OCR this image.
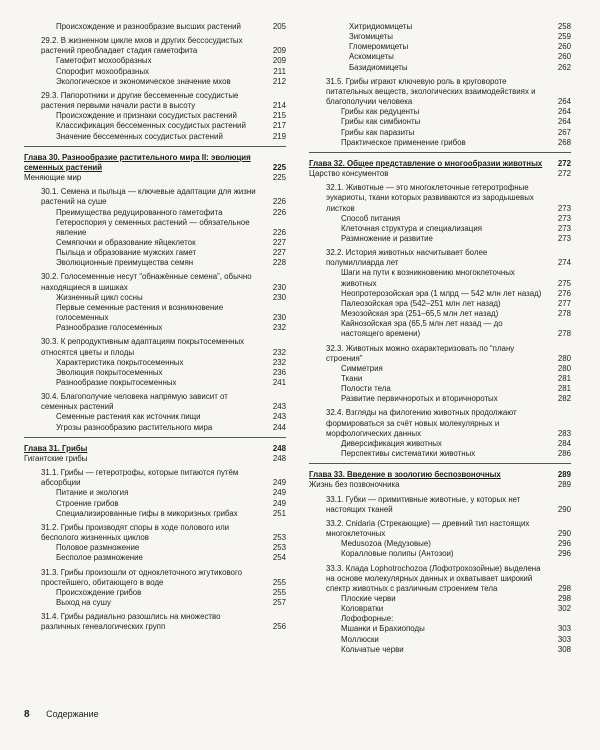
Происхождение и разнообразие высших растений	205
29.2. В жизненном цикле мхов и других бессосудистых растений преобладает стадия гаметофита	209
Гаметофит мохообразных	209
Спорофит мохообразных	211
Экологическое и экономическое значение мхов	212
29.3. Папоротники и другие бессеменные сосудистые растения первыми начали расти в высоту	214
Происхождение и признаки сосудистых растений	215
Классификация бессеменных сосудистых растений	217
Значение бессеменных сосудистых растений	219
Глава 30. Разнообразие растительного мира II: эволюция семенных растений	225
Меняющие мир	225
30.1. Семена и пыльца — ключевые адаптации для жизни растений на суше	226
Преимущества редуцированного гаметофита	226
Гетероспория у семенных растений — обязательное явление	226
Семяпочки и образование яйцеклеток	227
Пыльца и образование мужских гамет	227
Эволюционные преимущества семян	228
30.2. Голосеменные несут “обнажённые семена”, обычно находящиеся в шишках	230
Жизненный цикл сосны	230
Первые семенные растения и возникновение голосеменных	230
Разнообразие голосеменных	232
30.3. К репродуктивным адаптациям покрытосеменных относятся цветы и плоды	232
Характеристика покрытосеменных	232
Эволюция покрытосеменных	236
Разнообразие покрытосеменных	241
30.4. Благополучие человека напрямую зависит от семенных растений	243
Семенные растения как источник пищи	243
Угрозы разнообразию растительного мира	244
Глава 31. Грибы	248
Гигантские грибы	248
31.1. Грибы — гетеротрофы, которые питаются путём абсорбции	249
Питание и экология	249
Строение грибов	249
Специализированные гифы в микоризных грибах	251
31.2. Грибы производят споры в ходе полового или бесполого жизненных циклов	253
Половое размножение	253
Бесполое размножение	254
31.3. Грибы произошли от одноклеточного жгутикового простейшего, обитающего в воде	255
Происхождение грибов	255
Выход на сушу	257
31.4. Грибы радиально разошлись на множество различных генеалогических групп	256
Хитридиомицеты	258
Зигомицеты	259
Гломеромицеты	260
Аскомицеты	260
Базидиомицеты	262
31.5. Грибы играют ключевую роль в круговороте питательных веществ, экологических взаимодействиях и благополучии человека	264
Грибы как редуценты	264
Грибы как симбионты	264
Грибы как паразиты	267
Практическое применение грибов	268
Глава 32. Общее представление о многообразии животных	272
Царство консументов	272
32.1. Животные — это многоклеточные гетеротрофные эукариоты, ткани которых развиваются из зародышевых листков	273
Способ питания	273
Клеточная структура и специализация	273
Размножение и развитие	273
32.2. История животных насчитывает более полумиллиарда лет	274
Шаги на пути к возникновению многоклеточных животных	275
Неопротерозойская эра (1 млрд — 542 млн лет назад)	276
Палеозойская эра (542–251 млн лет назад)	277
Мезозойская эра (251–65,5 млн лет назад)	278
Кайнозойская эра (65,5 млн лет назад — до настоящего времени)	278
32.3. Животных можно охарактеризовать по “плану строения”	280
Симметрия	280
Ткани	281
Полости тела	281
Развитие первичноротых и вторичноротых	282
32.4. Взгляды на филогению животных продолжают формироваться за счёт новых молекулярных и морфологических данных	283
Диверсификация животных	284
Перспективы систематики животных	286
Глава 33. Введение в зоологию беспозвоночных	289
Жизнь без позвоночника	289
33.1. Губки — примитивные животные, у которых нет настоящих тканей	290
33.2. Cnidaria (Стрекающие) — древний тип настоящих многоклеточных	290
Medusozoa (Медузовые)	296
Коралловые полипы (Антозои)	296
33.3. Клада Lophotrochozoa (Лофотрохозойные) выделена на основе молекулярных данных и охватывает широкий спектр животных с различным строением тела	298
Плоские черви	298
Коловратки	302
Лофофорные:
Мшанки и Брахиоподы	303
Моллюски	303
Кольчатые черви	308
8 Содержание
